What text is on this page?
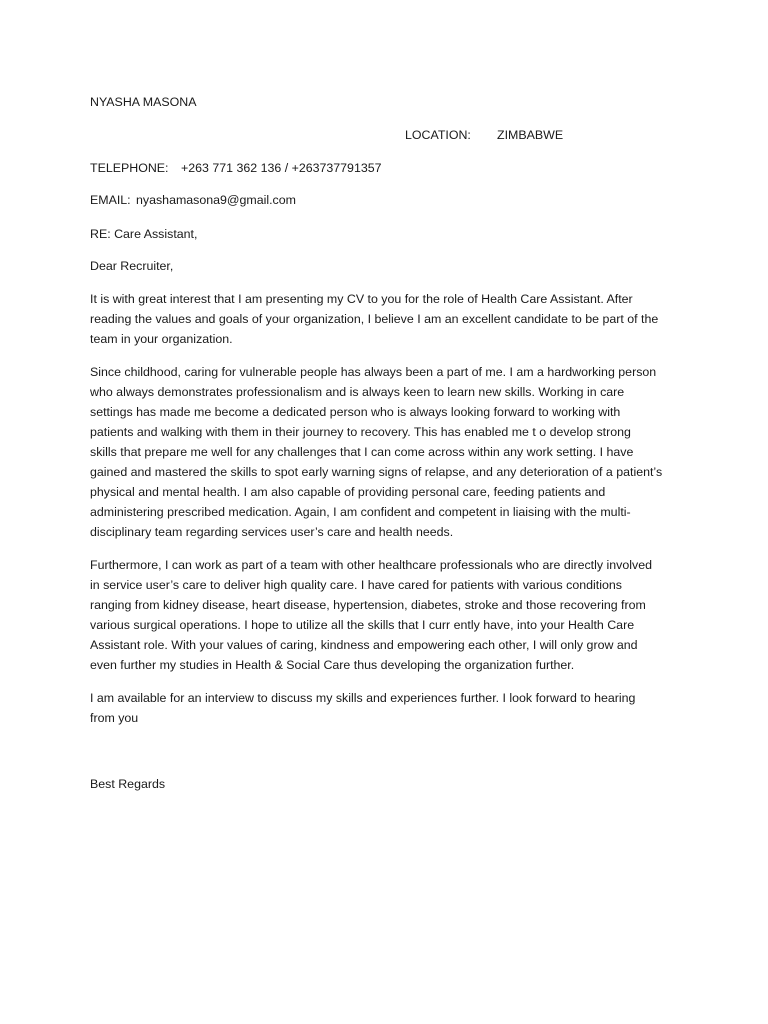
NYASHA MASONA
LOCATION: ZIMBABWE
TELEPHONE: +263 771 362 136 / +263737791357
EMAIL: nyashamasona9@gmail.com
RE: Care Assistant,
Dear Recruiter,
It is with great interest that I am presenting my CV to you for the role of Health Care Assistant. After
reading the values and goals of your organization, I believe I am an excellent candidate to be part of the
team in your organization.
Since childhood, caring for vulnerable people has always been a part of me. I am a hardworking person
who always demonstrates professionalism and is always keen to learn new skills. Working in care
settings has made me become a dedicated person who is always looking forward to working with
patients and walking with them in their journey to recovery. This has enabled me t o develop strong
skills that prepare me well for any challenges that I can come across within any work setting. I have
gained and mastered the skills to spot early warning signs of relapse, and any deterioration of a patient’s
physical and mental health. I am also capable of providing personal care, feeding patients and
administering prescribed medication. Again, I am confident and competent in liaising with the multi-
disciplinary team regarding services user’s care and health needs.
Furthermore, I can work as part of a team with other healthcare professionals who are directly involved
in service user’s care to deliver high quality care. I have cared for patients with various conditions
ranging from kidney disease, heart disease, hypertension, diabetes, stroke and those recovering from
various surgical operations. I hope to utilize all the skills that I curr ently have, into your Health Care
Assistant role. With your values of caring, kindness and empowering each other, I will only grow and
even further my studies in Health & Social Care thus developing the organization further.
I am available for an interview to discuss my skills and experiences further. I look forward to hearing
from you
Best Regards
